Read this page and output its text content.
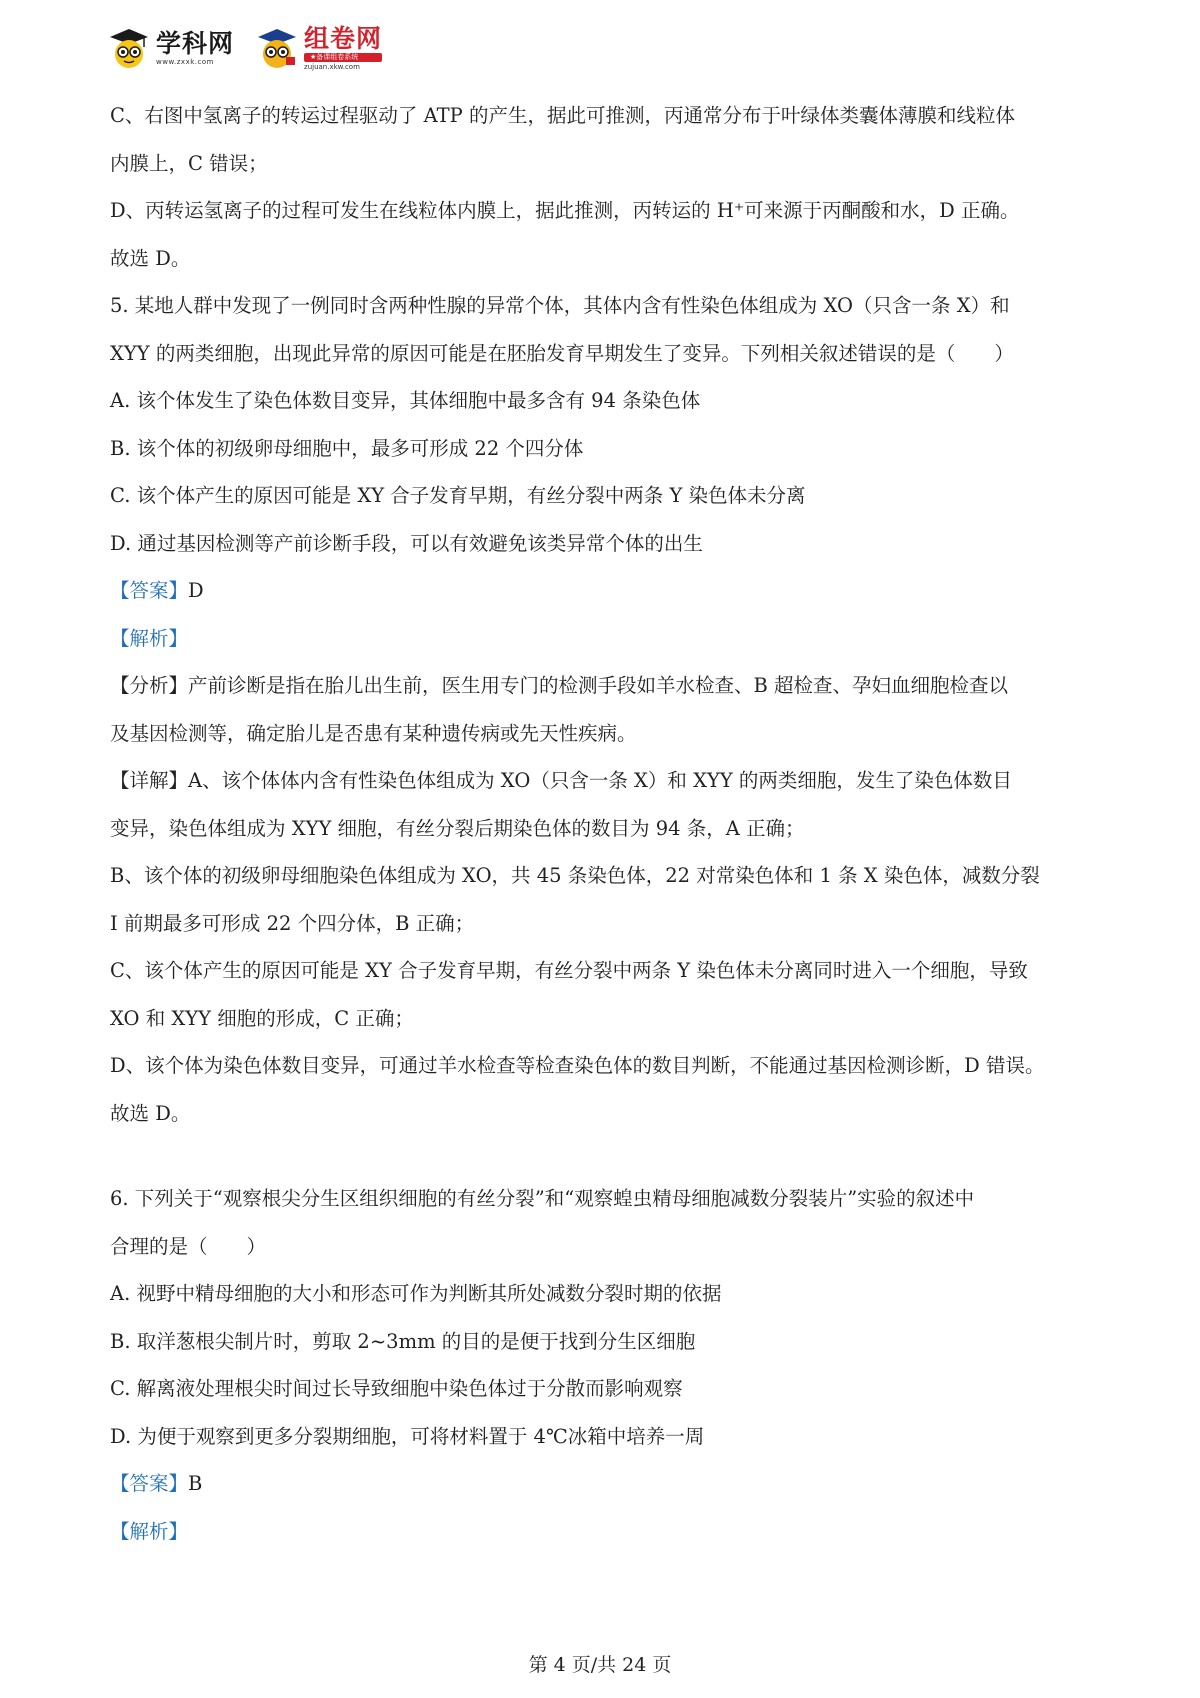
学科网
www.zxxk.com
组卷网
★备课组卷系统
zujuan.xkw.com
C、右图中氢离子的转运过程驱动了 ATP 的产生，据此可推测，丙通常分布于叶绿体类囊体薄膜和线粒体
内膜上，C 错误；
D、丙转运氢离子的过程可发生在线粒体内膜上，据此推测，丙转运的 H⁺可来源于丙酮酸和水，D 正确。
故选 D。
5. 某地人群中发现了一例同时含两种性腺的异常个体，其体内含有性染色体组成为 XO（只含一条 X）和
XYY 的两类细胞，出现此异常的原因可能是在胚胎发育早期发生了变异。下列相关叙述错误的是（　　）
A. 该个体发生了染色体数目变异，其体细胞中最多含有 94 条染色体
B. 该个体的初级卵母细胞中，最多可形成 22 个四分体
C. 该个体产生的原因可能是 XY 合子发育早期，有丝分裂中两条 Y 染色体未分离
D. 通过基因检测等产前诊断手段，可以有效避免该类异常个体的出生
【答案】D
【解析】
【分析】产前诊断是指在胎儿出生前，医生用专门的检测手段如羊水检查、B 超检查、孕妇血细胞检查以
及基因检测等，确定胎儿是否患有某种遗传病或先天性疾病。
【详解】A、该个体体内含有性染色体组成为 XO（只含一条 X）和 XYY 的两类细胞，发生了染色体数目
变异，染色体组成为 XYY 细胞，有丝分裂后期染色体的数目为 94 条，A 正确；
B、该个体的初级卵母细胞染色体组成为 XO，共 45 条染色体，22 对常染色体和 1 条 X 染色体，减数分裂
Ⅰ 前期最多可形成 22 个四分体，B 正确；
C、该个体产生的原因可能是 XY 合子发育早期，有丝分裂中两条 Y 染色体未分离同时进入一个细胞，导致
XO 和 XYY 细胞的形成，C 正确；
D、该个体为染色体数目变异，可通过羊水检查等检查染色体的数目判断，不能通过基因检测诊断，D 错误。
故选 D。
6. 下列关于“观察根尖分生区组织细胞的有丝分裂”和“观察蝗虫精母细胞减数分裂装片”实验的叙述中
合理的是（　　）
A. 视野中精母细胞的大小和形态可作为判断其所处减数分裂时期的依据
B. 取洋葱根尖制片时，剪取 2~3mm 的目的是便于找到分生区细胞
C. 解离液处理根尖时间过长导致细胞中染色体过于分散而影响观察
D. 为便于观察到更多分裂期细胞，可将材料置于 4℃冰箱中培养一周
【答案】B
【解析】
第 4 页/共 24 页
